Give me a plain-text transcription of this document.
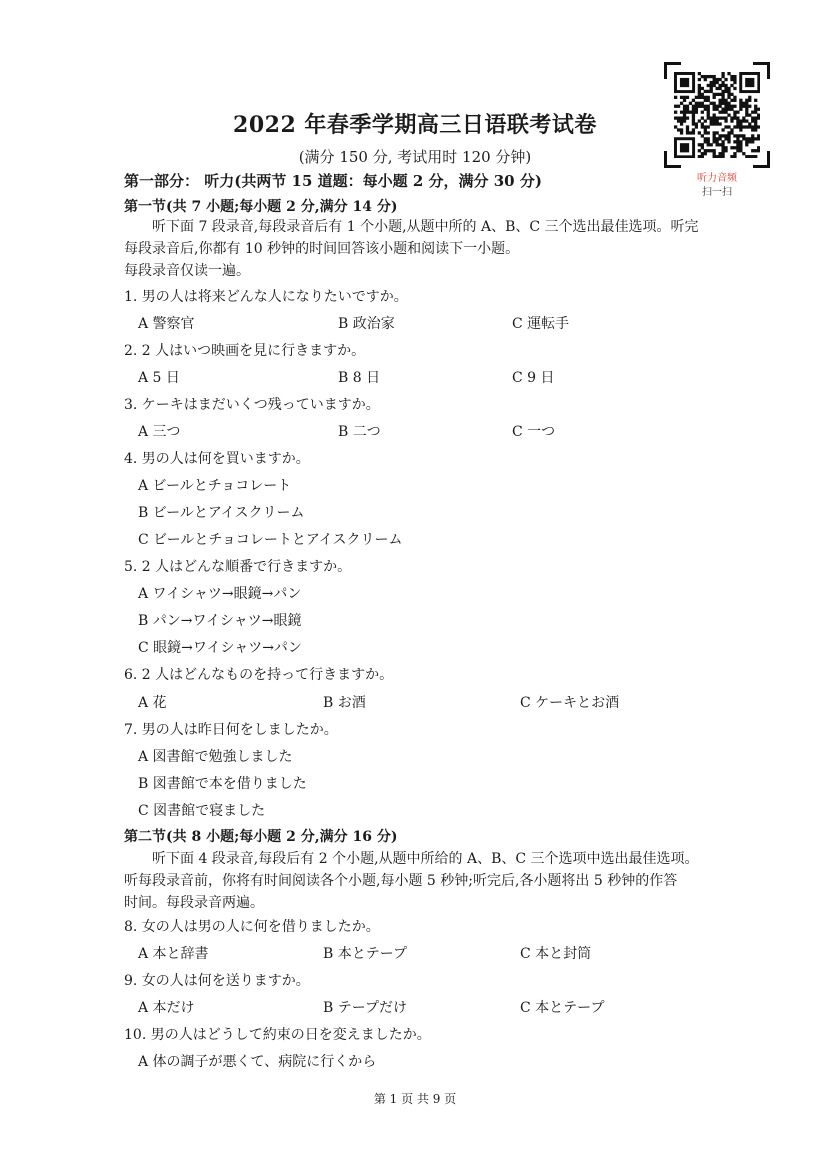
听力音频
扫一扫
2022 年春季学期高三日语联考试卷
(满分 150 分, 考试用时 120 分钟)
第一部分： 听力(共两节 15 道题：每小题 2 分，满分 30 分)
第一节(共 7 小题;每小题 2 分,满分 14 分)
听下面 7 段录音,每段录音后有 1 个小题,从题中所的 A、B、C 三个选出最佳选项。听完
每段录音后,你都有 10 秒钟的时间回答该小题和阅读下一小题。
每段录音仅读一遍。
1. 男の人は将来どんな人になりたいですか。
A 警察官	B 政治家	C 運転手
2. 2 人はいつ映画を見に行きますか。
A 5 日	B 8 日	C 9 日
3. ケーキはまだいくつ残っていますか。
A 三つ	B 二つ	C 一つ
4. 男の人は何を買いますか。
A ビールとチョコレート
B ビールとアイスクリーム
C ビールとチョコレートとアイスクリーム
5. 2 人はどんな順番で行きますか。
A ワイシャツ→眼鏡→パン
B パン→ワイシャツ→眼鏡
C 眼鏡→ワイシャツ→パン
6. 2 人はどんなものを持って行きますか。
A 花	B お酒	C ケーキとお酒
7. 男の人は昨日何をしましたか。
A 図書館で勉強しました
B 図書館で本を借りました
C 図書館で寝ました
第二节(共 8 小题;每小题 2 分,满分 16 分)
听下面 4 段录音,每段后有 2 个小题,从题中所给的 A、B、C 三个选项中选出最佳选项。
听每段录音前，你将有时间阅读各个小题,每小题 5 秒钟;听完后,各小题将出 5 秒钟的作答
时间。每段录音两遍。
8. 女の人は男の人に何を借りましたか。
A 本と辞書	B 本とテープ	C 本と封筒
9. 女の人は何を送りますか。
A 本だけ	B テープだけ	C 本とテープ
10. 男の人はどうして約束の日を変えましたか。
A 体の調子が悪くて、病院に行くから
第 1 页 共 9 页
